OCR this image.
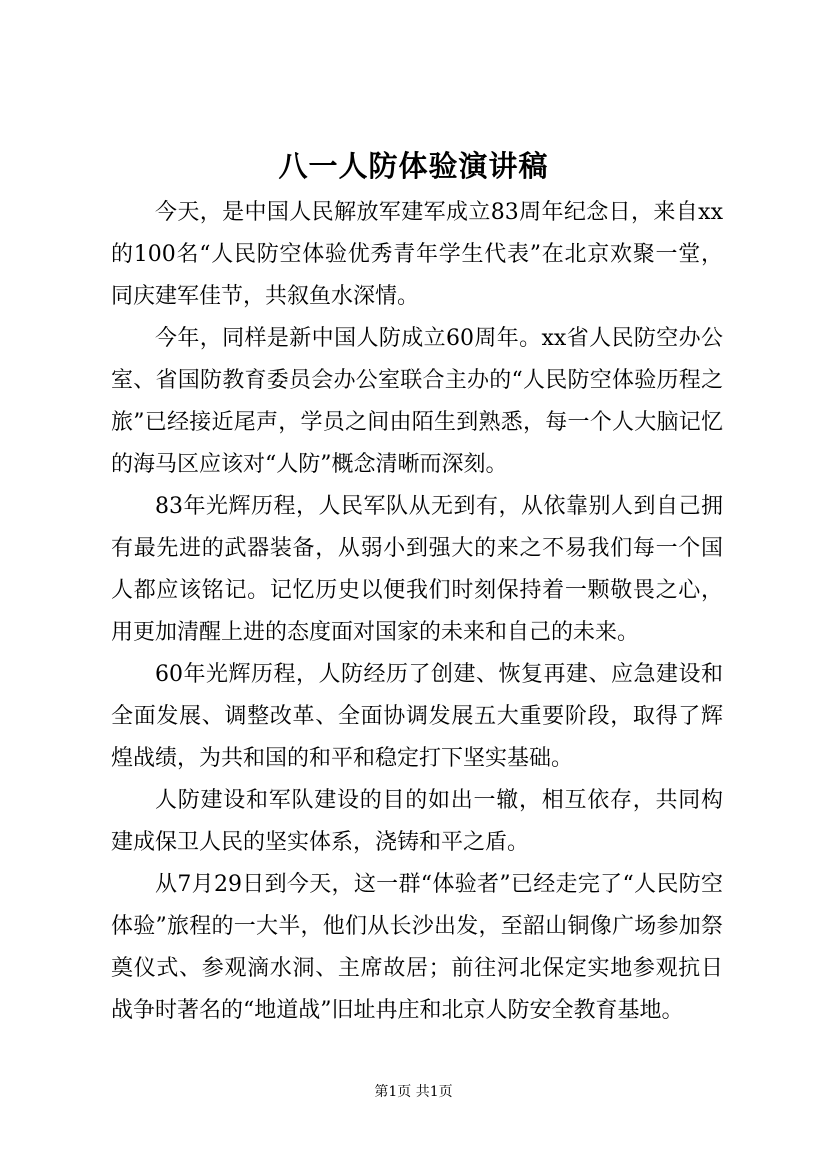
八一人防体验演讲稿

今天，是中国人民解放军建军成立83周年纪念日，来自xx的100名“人民防空体验优秀青年学生代表”在北京欢聚一堂，同庆建军佳节，共叙鱼水深情。

今年，同样是新中国人防成立60周年。xx省人民防空办公室、省国防教育委员会办公室联合主办的“人民防空体验历程之旅”已经接近尾声，学员之间由陌生到熟悉，每一个人大脑记忆的海马区应该对“人防”概念清晰而深刻。

83年光辉历程，人民军队从无到有，从依靠别人到自己拥有最先进的武器装备，从弱小到强大的来之不易我们每一个国人都应该铭记。记忆历史以便我们时刻保持着一颗敬畏之心，用更加清醒上进的态度面对国家的未来和自己的未来。

60年光辉历程，人防经历了创建、恢复再建、应急建设和全面发展、调整改革、全面协调发展五大重要阶段，取得了辉煌战绩，为共和国的和平和稳定打下坚实基础。

人防建设和军队建设的目的如出一辙，相互依存，共同构建成保卫人民的坚实体系，浇铸和平之盾。

从7月29日到今天，这一群“体验者”已经走完了“人民防空体验”旅程的一大半，他们从长沙出发，至韶山铜像广场参加祭奠仪式、参观滴水洞、主席故居；前往河北保定实地参观抗日战争时著名的“地道战”旧址冉庄和北京人防安全教育基地。

第1页 共1页
